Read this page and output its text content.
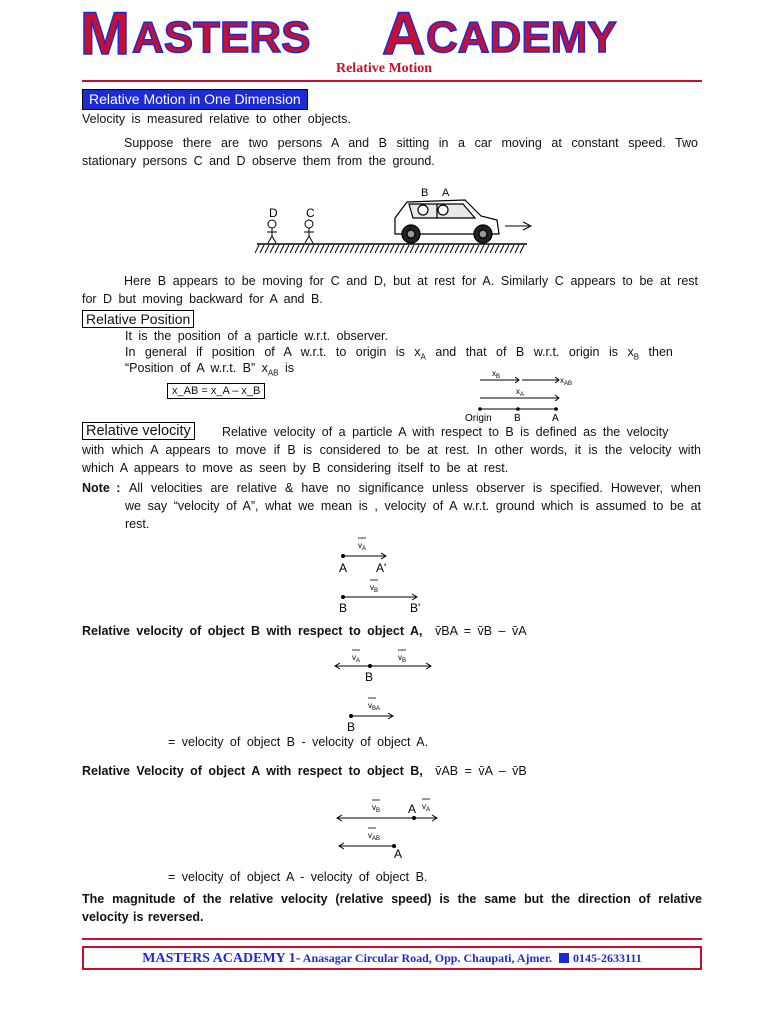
M ASTERS A CADEMY
Relative Motion
Relative Motion in One Dimension
Velocity is measured relative to other objects.
Suppose there are two persons A and B sitting in a car moving at constant speed. Two stationary persons C and D observe them from the ground.
D C
B A
Here B appears to be moving for C and D, but at rest for A. Similarly C appears to be at rest for D but moving backward for A and B.
Relative Position
It is the position of a particle w.r.t. observer.
In general if position of A w.r.t. to origin is $x_A$ and that of B w.r.t. origin is $x_B$ then
“Position of A w.r.t. B” $x_{AB}$ is
x_AB = x_A – x_B
$x_B$	$x_{AB}$
$x_A$
Origin B	A
Relative velocity	Relative velocity of a particle A with respect to B is defined as the velocity
with which A appears to move if B is considered to be at rest. In other words, it is the velocity with which A appears to move as seen by B considering itself to be at rest.
Note : All velocities are relative & have no significance unless observer is specified. However, when we say “velocity of A”, what we mean is , velocity of A w.r.t. ground which is assumed to be at rest.
$v_A$
A A'
$v_B$
B	B'
Relative velocity of object B with respect to object A, v̄BA = v̄B – v̄A
$v_A$	$v_B$
B
$v_{BA}$
B
= velocity of object B - velocity of object A.
Relative Velocity of object A with respect to object B, v̄AB = v̄A – v̄B
$v_B$ A $v_A$
$v_{AB}$
A
= velocity of object A - velocity of object B.
The magnitude of the relative velocity (relative speed) is the same but the direction of relative velocity is reversed.
MASTERS ACADEMY 1- Anasagar Circular Road, Opp. Chaupati, Ajmer. 0145-2633111
